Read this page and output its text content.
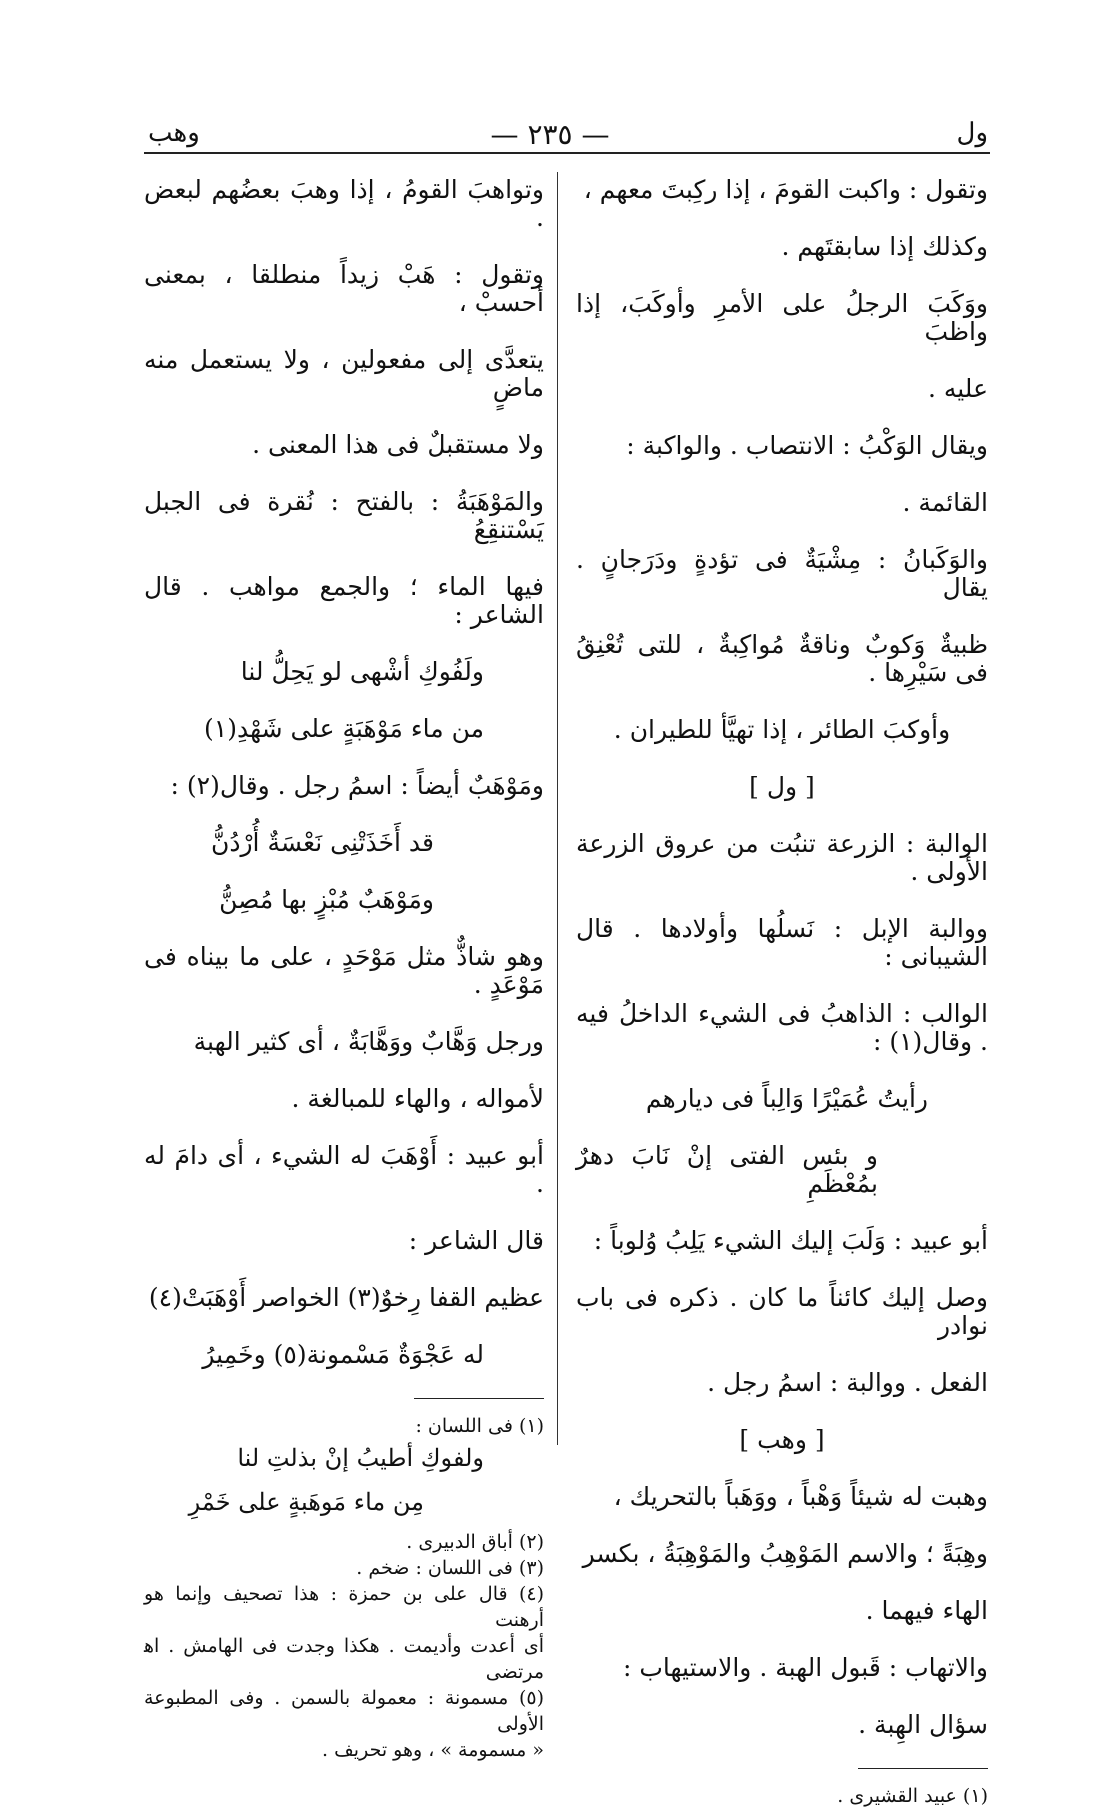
ول
— ٢٣٥ —
وهب

وتقول : واكبت القومَ ، إذا ركِبتَ معهم ،

وكذلك إذا سابقتَهم .

ووَكَبَ الرجلُ على الأمرِ وأوكَبَ، إذا واظبَ

عليه .

ويقال الوَكْبُ : الانتصاب . والواكبة :

القائمة .

والوَكَبانُ : مِشْيَةٌ فى تؤدةٍ ودَرَجانٍ . يقال

ظبيةٌ وَكوبٌ وناقةٌ مُواكِبةٌ ، للتى تُعْنِقُ فى سَيْرِها .

وأوكبَ الطائر ، إذا تهيَّأ للطيران .

[ ول ]

الوالبة : الزرعة تنبُت من عروق الزرعة الأولى .

ووالبة الإبل : نَسلُها وأولادها . قال الشيبانى :

الوالب : الذاهبُ فى الشيء الداخلُ فيه . وقال(١) :

رأيتُ عُمَيْرًا وَالِباً فى ديارهم

و بئس الفتى إنْ نَابَ دهرٌ بمُعْظَمِ

أبو عبيد : وَلَبَ إليك الشيء يَلِبُ وُلوباً :

وصل إليك كائناً ما كان . ذكره فى باب نوادر

الفعل . ووالبة : اسمُ رجل .

[ وهب ]

وهبت له شيئاً وَهْباً ، ووَهَباً بالتحريك ،

وهِبَةً ؛ والاسم المَوْهِبُ والمَوْهِبَةُ ، بكسر

الهاء فيهما .

والاتهاب : قَبول الهبة . والاستيهاب :

سؤال الهِبة .

(١) عبيد القشيرى .

وتواهبَ القومُ ، إذا وهبَ بعضُهم لبعض .

وتقول : هَبْ زيداً منطلقا ، بمعنى أحسبْ ،

يتعدَّى إلى مفعولين ، ولا يستعمل منه ماضٍ

ولا مستقبلٌ فى هذا المعنى .

والمَوْهَبَةُ : بالفتح : نُقرة فى الجبل يَسْتنقِعُ

فيها الماء ؛ والجمع مواهب . قال الشاعر :

ولَفُوكِ أشْهى لو يَحِلُّ لنا

من ماء مَوْهَبَةٍ على شَهْدِ(١)

ومَوْهَبٌ أيضاً : اسمُ رجل . وقال(٢) :

قد أَخَذَتْنِى نَعْسَةٌ أُرْدُنُّ

ومَوْهَبٌ مُبْزٍ بها مُصِنُّ

وهو شاذٌّ مثل مَوْحَدٍ ، على ما بيناه فى مَوْعَدٍ .

ورجل وَهَّابٌ ووَهَّابَةٌ ، أى كثير الهبة

لأمواله ، والهاء للمبالغة .

أبو عبيد : أَوْهَبَ له الشيء ، أى دامَ له .

قال الشاعر :

عظيم القفا رِخوٌ(٣) الخواصر أَوْهَبَتْ(٤)

له عَجْوَةٌ مَسْمونة(٥) وخَمِيرُ

(١) فى اللسان :

ولفوكِ أطيبُ إنْ بذلتِ لنا

مِن ماء مَوهَبةٍ على خَمْرِ

(٢) أباق الدبيرى .

(٣) فى اللسان : ضخم .

(٤) قال على بن حمزة : هذا تصحيف وإنما هو أرهنت

أى أعدت وأديمت . هكذا وجدت فى الهامش . اﻫ مرتضى

(٥) مسمونة : معمولة بالسمن . وفى المطبوعة الأولى

« مسمومة » ، وهو تحريف .
